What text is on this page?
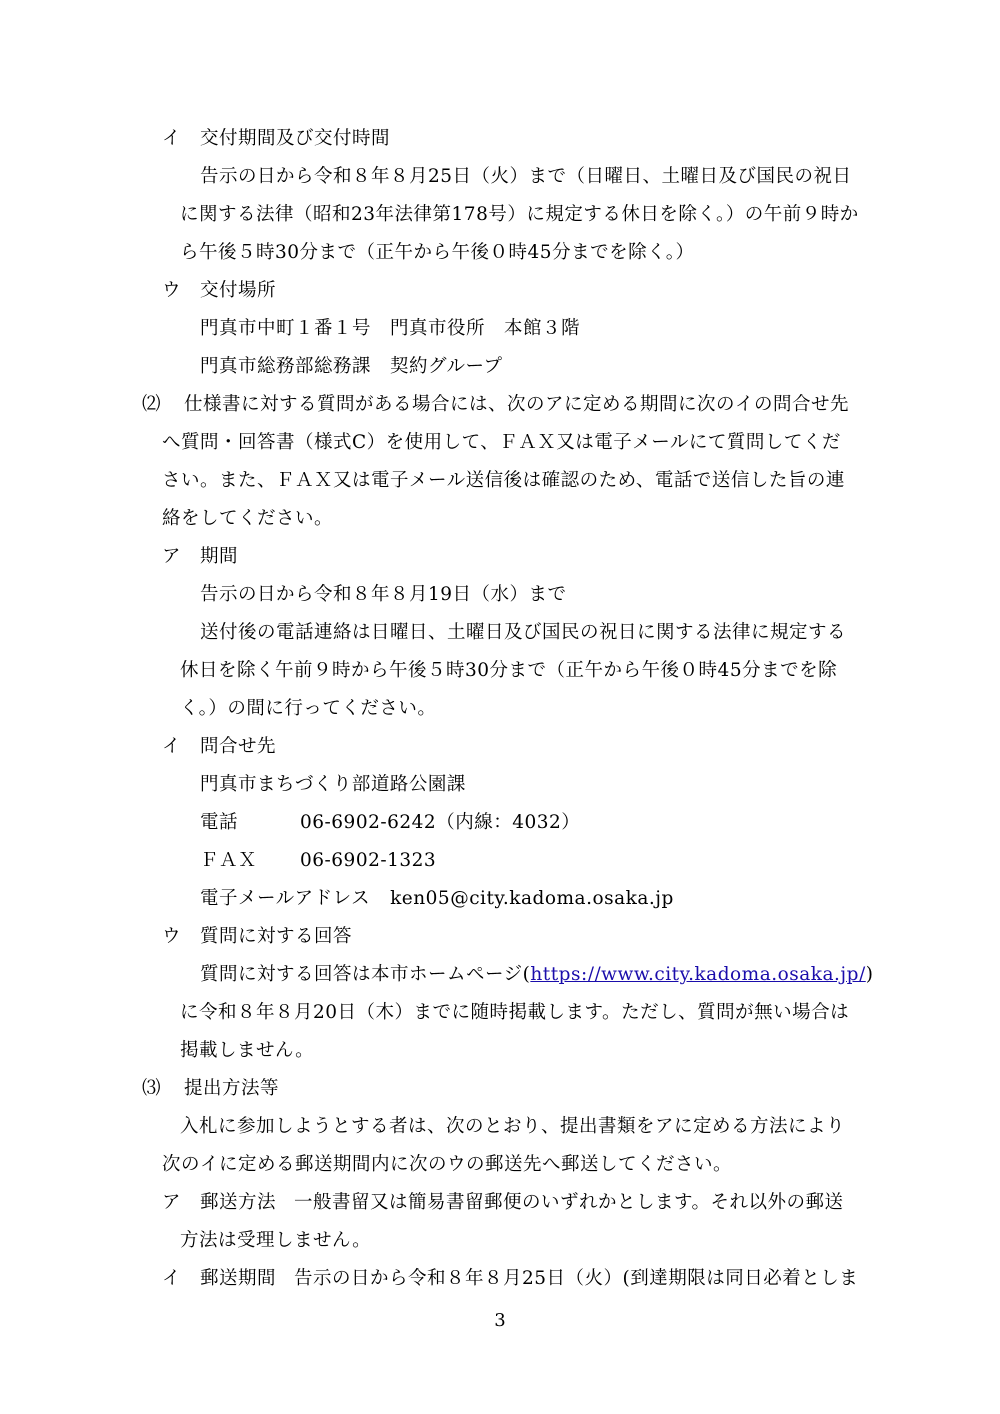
イ 交付期間及び交付時間
告示の日から令和８年８月25日（火）まで（日曜日、土曜日及び国民の祝日
に関する法律（昭和23年法律第178号）に規定する休日を除く。）の午前９時か
ら午後５時30分まで（正午から午後０時45分までを除く。）
ウ 交付場所
門真市中町１番１号　門真市役所　本館３階
門真市総務部総務課　契約グループ
⑵ 仕様書に対する質問がある場合には、次のアに定める期間に次のイの問合せ先
へ質問・回答書（様式C）を使用して、ＦＡＸ又は電子メールにて質問してくだ
さい。また、ＦＡＸ又は電子メール送信後は確認のため、電話で送信した旨の連
絡をしてください。
ア 期間
告示の日から令和８年８月19日（水）まで
送付後の電話連絡は日曜日、土曜日及び国民の祝日に関する法律に規定する
休日を除く午前９時から午後５時30分まで（正午から午後０時45分までを除
く。）の間に行ってください。
イ 問合せ先
門真市まちづくり部道路公園課
電話	06-6902-6242（内線：4032）
ＦＡＸ 06-6902-1323
電子メールアドレス ken05@city.kadoma.osaka.jp
ウ 質問に対する回答
質問に対する回答は本市ホームページ(https://www.city.kadoma.osaka.jp/)
に令和８年８月20日（木）までに随時掲載します。ただし、質問が無い場合は
掲載しません。
⑶ 提出方法等
入札に参加しようとする者は、次のとおり、提出書類をアに定める方法により
次のイに定める郵送期間内に次のウの郵送先へ郵送してください。
ア 郵送方法 一般書留又は簡易書留郵便のいずれかとします。それ以外の郵送
方法は受理しません。
イ 郵送期間 告示の日から令和８年８月25日（火）(到達期限は同日必着としま
3
